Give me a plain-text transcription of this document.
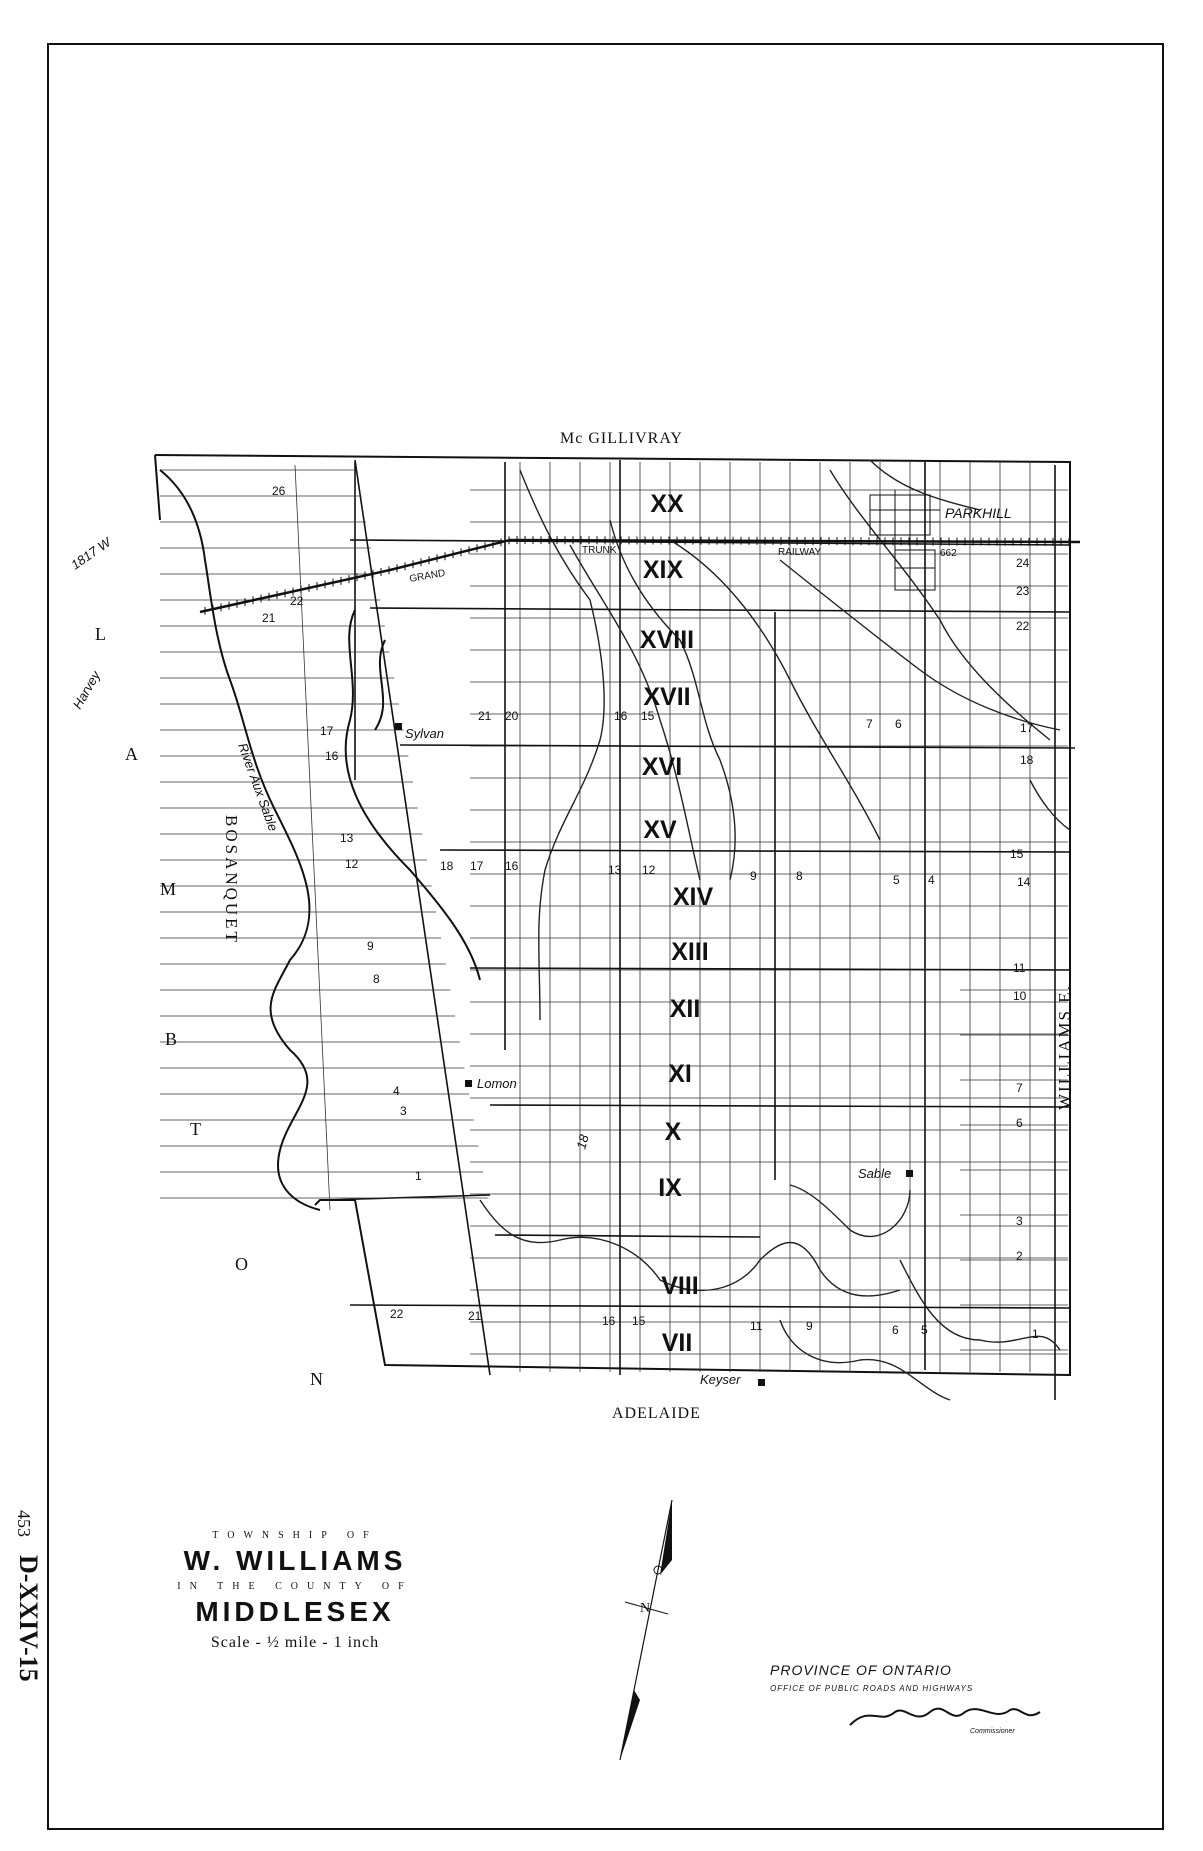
Mc GILLIVRAY
ADELAIDE
WILLIAMS E.
BOSANQUET
L
A
M
B
T
O
N
XX
XIX
XVIII
XVII
XVI
XV
XIV
XIII
XII
XI
X
IX
VIII
VII
26
22
21
17
16
13
12
9
8
4
3
1
21 20	16 15
7 6	17
18
18 17 16	13 12	9	8	5 4	14
24
23
22
15
11
10
7
6
3
2
22	21	16 15	11	9	6 5	1
GRAND
TRUNK	RAILWAY	662
PARKHILL
Sylvan
Lomon
Sable
Keyser
River Aux Sable
1817 W
Harvey
18
N
453
D-XXIV-15
TOWNSHIP OF
W. WILLIAMS
IN THE COUNTY OF
MIDDLESEX
Scale - ½ mile - 1 inch
PROVINCE OF ONTARIO
OFFICE OF PUBLIC ROADS AND HIGHWAYS
Commissioner
